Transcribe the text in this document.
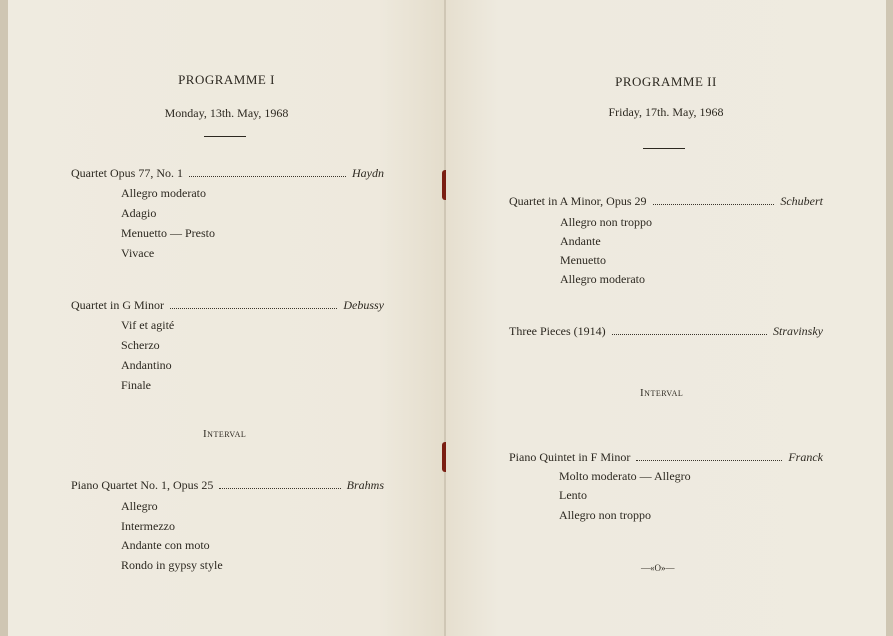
PROGRAMME I
Monday, 13th. May, 1968
Quartet Opus 77, No. 1	Haydn
Allegro moderato
Adagio
Menuetto — Presto
Vivace
Quartet in G Minor	Debussy
Vif et agité
Scherzo
Andantino
Finale
Interval
Piano Quartet No. 1, Opus 25	Brahms
Allegro
Intermezzo
Andante con moto
Rondo in gypsy style
PROGRAMME II
Friday, 17th. May, 1968
Quartet in A Minor, Opus 29	Schubert
Allegro non troppo
Andante
Menuetto
Allegro moderato
Three Pieces (1914)	Stravinsky
Interval
Piano Quintet in F Minor	Franck
Molto moderato — Allegro
Lento
Allegro non troppo
—«O»—
